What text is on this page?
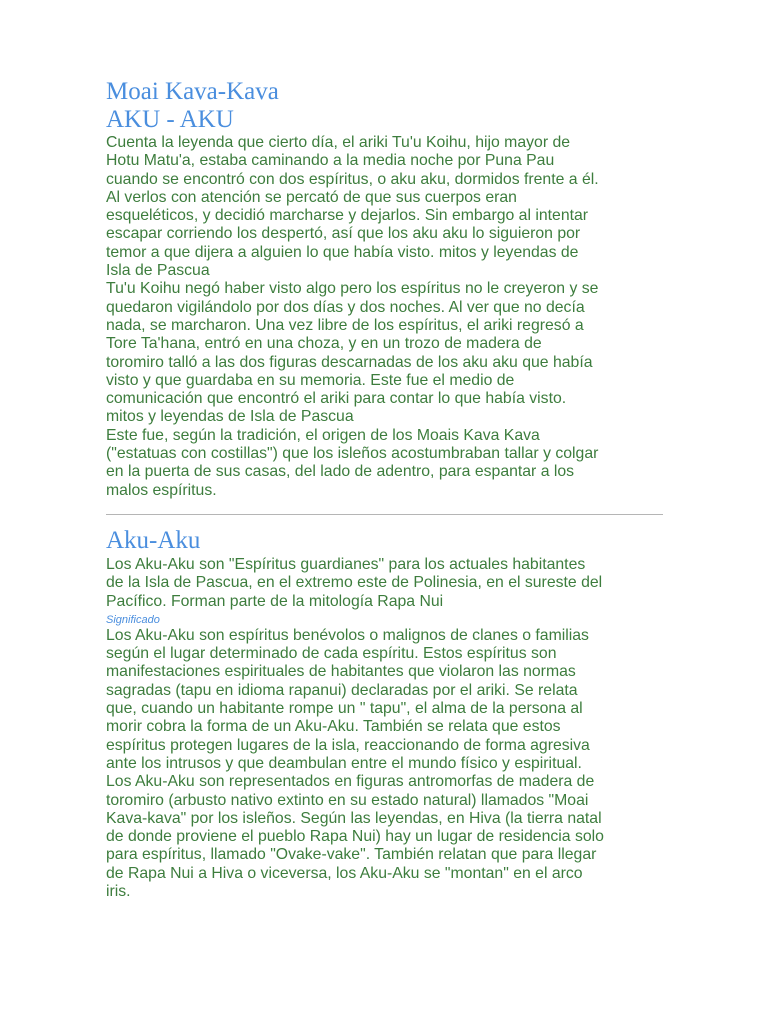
Moai Kava-Kava
AKU - AKU
Cuenta la leyenda que cierto día, el ariki Tu'u Koihu, hijo mayor de
Hotu Matu'a, estaba caminando a la media noche por Puna Pau
cuando se encontró con dos espíritus, o aku aku, dormidos frente a él.
Al verlos con atención se percató de que sus cuerpos eran
esqueléticos, y decidió marcharse y dejarlos. Sin embargo al intentar
escapar corriendo los despertó, así que los aku aku lo siguieron por
temor a que dijera a alguien lo que había visto. mitos y leyendas de
Isla de Pascua
Tu'u Koihu negó haber visto algo pero los espíritus no le creyeron y se
quedaron vigilándolo por dos días y dos noches. Al ver que no decía
nada, se marcharon. Una vez libre de los espíritus, el ariki regresó a
Tore Ta'hana, entró en una choza, y en un trozo de madera de
toromiro talló a las dos figuras descarnadas de los aku aku que había
visto y que guardaba en su memoria. Este fue el medio de
comunicación que encontró el ariki para contar lo que había visto.
mitos y leyendas de Isla de Pascua
Este fue, según la tradición, el origen de los Moais Kava Kava
("estatuas con costillas") que los isleños acostumbraban tallar y colgar
en la puerta de sus casas, del lado de adentro, para espantar a los
malos espíritus.
Aku-Aku
Los Aku-Aku son "Espíritus guardianes" para los actuales habitantes
de la Isla de Pascua, en el extremo este de Polinesia, en el sureste del
Pacífico. Forman parte de la mitología Rapa Nui
Significado
Los Aku-Aku son espíritus benévolos o malignos de clanes o familias
según el lugar determinado de cada espíritu. Estos espíritus son
manifestaciones espirituales de habitantes que violaron las normas
sagradas (tapu en idioma rapanui) declaradas por el ariki. Se relata
que, cuando un habitante rompe un " tapu", el alma de la persona al
morir cobra la forma de un Aku-Aku. También se relata que estos
espíritus protegen lugares de la isla, reaccionando de forma agresiva
ante los intrusos y que deambulan entre el mundo físico y espiritual.
Los Aku-Aku son representados en figuras antromorfas de madera de
toromiro (arbusto nativo extinto en su estado natural) llamados "Moai
Kava-kava" por los isleños. Según las leyendas, en Hiva (la tierra natal
de donde proviene el pueblo Rapa Nui) hay un lugar de residencia solo
para espíritus, llamado "Ovake-vake". También relatan que para llegar
de Rapa Nui a Hiva o viceversa, los Aku-Aku se "montan" en el arco
iris.
